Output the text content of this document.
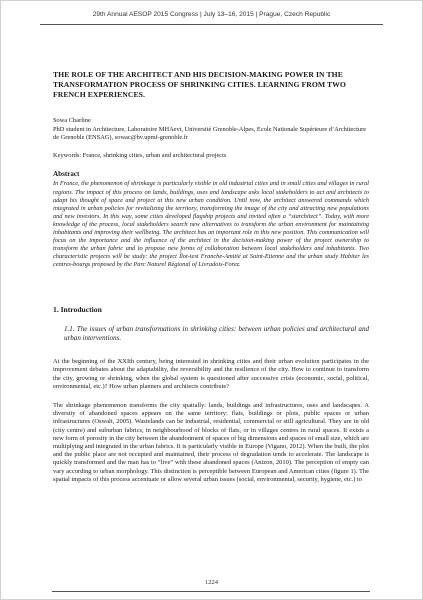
29th Annual AESOP 2015 Congress | July 13–16, 2015 | Prague, Czech Republic
THE ROLE OF THE ARCHITECT AND HIS DECISION-MAKING POWER IN THE TRANSFORMATION PROCESS OF SHRINKING CITIES. LEARNING FROM TWO FRENCH EXPERIENCES.
Sowa Charline
PhD student in Architecture, Laboratoire MHAevt, Université Grenoble-Alpes, Ecole Nationale Supérieure d’Architecture de Grenoble (ENSAG), sowac@bv.upmf-grenoble.fr
Keywords: France, shrinking cities, urban and architectural projects
Abstract

In France, the phenomenon of shrinkage is particularly visible in old industrial cities and in small cities and villages in rural regions. The impact of this process on lands, buildings, uses and landscape asks local stakeholders to act and architects to adapt his thought of space and project at this new urban condition. Until now, the architect answered commands which integrated in urban policies for revitalizing the territory, transforming the image of the city and attracting new populations and new investors. In this way, some cities developed flagship projects and invited often a “starchitect”. Today, with more knowledge of the process, local stakeholders search new alternatives to transform the urban environment for maintaining inhabitants and improving their wellbeing. The architect has an important role in this new position. This communication will focus on the importance and the influence of the architect in the decision-making power of the project ownership to transform the urban fabric and to propose new forms of collaboration between local stakeholders and inhabitants. Two characteristic projects will be study: the project Îlot-test Franche-Amitié at Saint-Etienne and the urban study Habiter les centres-bourgs proposed by the Parc Naturel Régional of Livradois-Forez.

1. Introduction
1.1. The issues of urban transformations in shrinking cities: between urban policies and architectural and urban interventions.

At the beginning of the XXIth century, being interested in shrinking cities and their urban evolution participates in the improvement debates about the adaptability, the reversibility and the resilience of the city. How to continue to transform the city, growing or shrinking, when the global system is questioned after successive crisis (economic, social, political, environmental, etc.)? How urban planners and architects contribute?

The shrinkage phenomenon transforms the city spatially: lands, buildings and infrastructures, uses and landscapes. A diversity of abandoned spaces appears on the same territory: flats, buildings or plots, public spaces or urban infrastructures (Oswalt, 2005). Wastelands can be industrial, residential, commercial or still agricultural. They are in old (city centre) and suburban fabrics, in neighbourhood of blocks of flats, or in villages centres in rural spaces. It exists a new form of porosity in the city between the abandonment of spaces of big dimensions and spaces of small size, which are multiplying and integrated in the urban fabrics. It is particularly visible in Europe (Vigano, 2012). When the built, the plot and the public place are not occupied and maintained, their process of degradation tends to accelerate. The landscape is quickly transformed and the man has to “live” with these abandoned spaces (Anizon, 2010). The perception of empty can vary according to urban morphology. This distinction is perceptible between European and American cities (figure 1). The spatial impacts of this process accentuate or allow several urban issues (social, environmental, security, hygiene, etc.) to

1224
